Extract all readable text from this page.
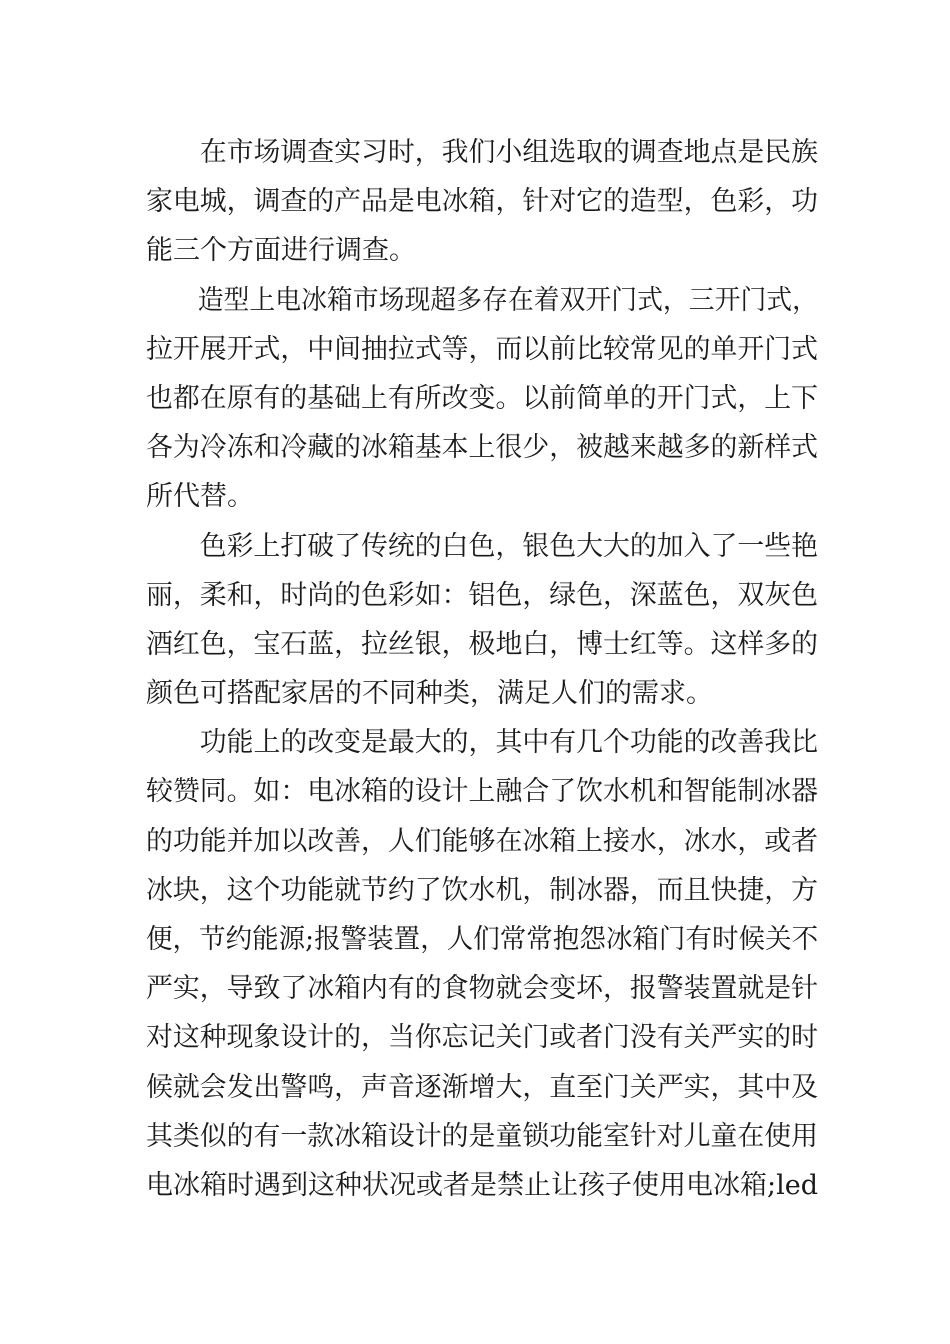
在市场调查实习时，我们小组选取的调查地点是民族
家电城，调查的产品是电冰箱，针对它的造型，色彩，功
能三个方面进行调查。
造型上电冰箱市场现超多存在着双开门式，三开门式，
拉开展开式，中间抽拉式等，而以前比较常见的单开门式
也都在原有的基础上有所改变。以前简单的开门式，上下
各为冷冻和冷藏的冰箱基本上很少，被越来越多的新样式
所代替。
色彩上打破了传统的白色，银色大大的加入了一些艳
丽，柔和，时尚的色彩如：铝色，绿色，深蓝色，双灰色
酒红色，宝石蓝，拉丝银，极地白，博士红等。这样多的
颜色可搭配家居的不同种类，满足人们的需求。
功能上的改变是最大的，其中有几个功能的改善我比
较赞同。如：电冰箱的设计上融合了饮水机和智能制冰器
的功能并加以改善，人们能够在冰箱上接水，冰水，或者
冰块，这个功能就节约了饮水机，制冰器，而且快捷，方
便，节约能源;报警装置，人们常常抱怨冰箱门有时候关不
严实，导致了冰箱内有的食物就会变坏，报警装置就是针
对这种现象设计的，当你忘记关门或者门没有关严实的时
候就会发出警鸣，声音逐渐增大，直至门关严实，其中及
其类似的有一款冰箱设计的是童锁功能室针对儿童在使用
电冰箱时遇到这种状况或者是禁止让孩子使用电冰箱;led
